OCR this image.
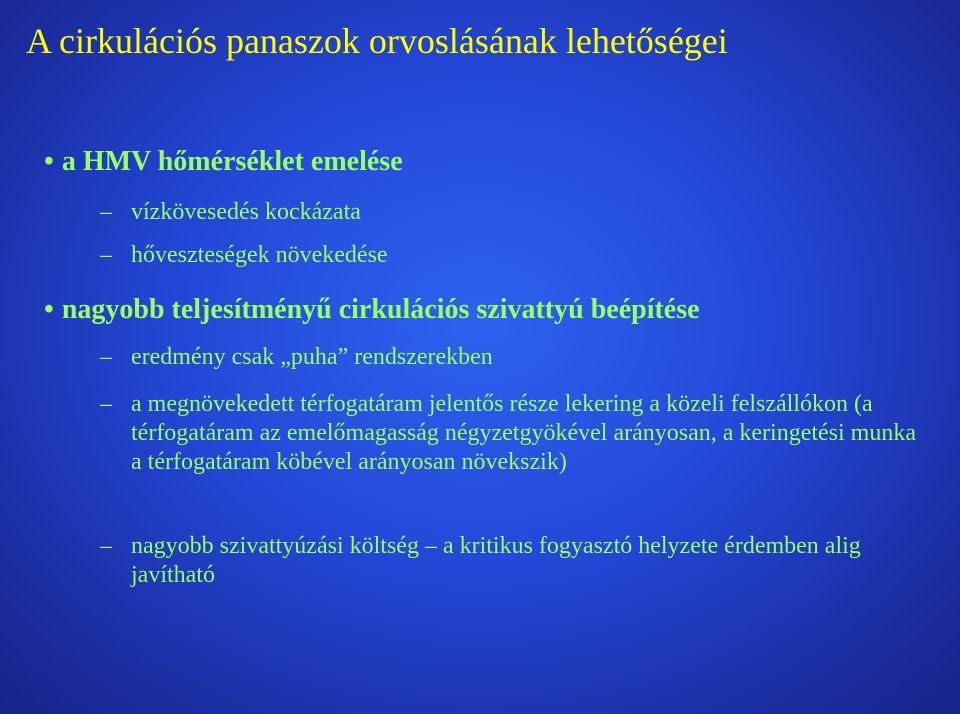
A cirkulációs panaszok orvoslásának lehetőségei
• a HMV hőmérséklet emelése
– vízkövesedés kockázata
– hőveszteségek növekedése
• nagyobb teljesítményű cirkulációs szivattyú beépítése
– eredmény csak „puha” rendszerekben
– a megnövekedett térfogatáram jelentős része lekering a közeli felszállókon (a térfogatáram az emelőmagasság négyzetgyökével arányosan, a keringetési munka a térfogatáram köbével arányosan növekszik)
– nagyobb szivattyúzási költség – a kritikus fogyasztó helyzete érdemben alig javítható
